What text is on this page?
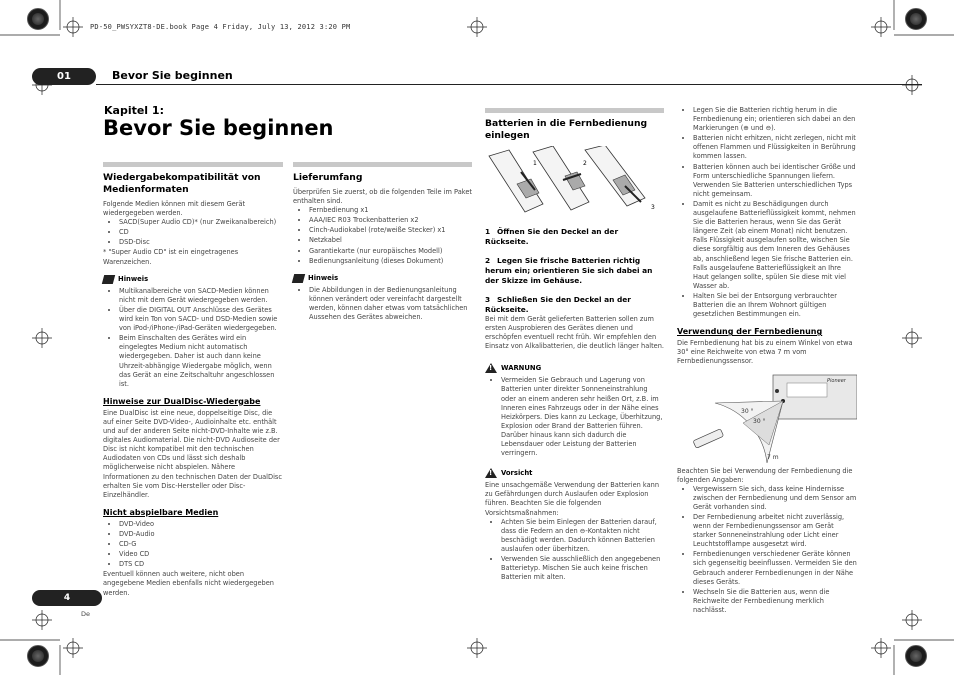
PD-50_PWSYXZT8-DE.book Page 4 Friday, July 13, 2012 3:20 PM
01	Bevor Sie beginnen
Kapitel 1:
Bevor Sie beginnen
Wiedergabekompatibilität von Medienformaten
Folgende Medien können mit diesem Gerät wiedergegeben werden.
• SACD(Super Audio CD)* (nur Zweikanalbereich)
• CD
• DSD-Disc
* "Super Audio CD" ist ein eingetragenes Warenzeichen.
Hinweis
• Multikanalbereiche von SACD-Medien können nicht mit dem Gerät wiedergegeben werden.
• Über die DIGITAL OUT Anschlüsse des Gerätes wird kein Ton von SACD- und DSD-Medien sowie von iPod-/iPhone-/iPad-Geräten wiedergegeben.
• Beim Einschalten des Gerätes wird ein eingelegtes Medium nicht automatisch wiedergegeben. Daher ist auch dann keine Uhrzeit-abhängige Wiedergabe möglich, wenn das Gerät an eine Zeitschaltuhr angeschlossen ist.
Hinweise zur DualDisc-Wiedergabe
Eine DualDisc ist eine neue, doppelseitige Disc, die auf einer Seite DVD-Video-, Audioinhalte etc. enthält und auf der anderen Seite nicht-DVD-Inhalte wie z.B. digitales Audiomaterial. Die nicht-DVD Audioseite der Disc ist nicht kompatibel mit den technischen Audiodaten von CDs und lässt sich deshalb möglicherweise nicht abspielen. Nähere Informationen zu den technischen Daten der DualDisc erhalten Sie vom Disc-Hersteller oder Disc-Einzelhändler.
Nicht abspielbare Medien
• DVD-Video
• DVD-Audio
• CD-G
• Video CD
• DTS CD
Eventuell können auch weitere, nicht oben angegebene Medien ebenfalls nicht wiedergegeben werden.
Lieferumfang
Überprüfen Sie zuerst, ob die folgenden Teile im Paket enthalten sind.
• Fernbedienung x1
• AAA/IEC R03 Trockenbatterien x2
• Cinch-Audiokabel (rote/weiße Stecker) x1
• Netzkabel
• Garantiekarte (nur europäisches Modell)
• Bedienungsanleitung (dieses Dokument)
Hinweis
• Die Abbildungen in der Bedienungsanleitung können verändert oder vereinfacht dargestellt werden, können daher etwas vom tatsächlichen Aussehen des Gerätes abweichen.
Batterien in die Fernbedienung einlegen
1	2
3
1 Öffnen Sie den Deckel an der Rückseite.
2 Legen Sie frische Batterien richtig herum ein; orientieren Sie sich dabei an der Skizze im Gehäuse.
3 Schließen Sie den Deckel an der Rückseite.
Bei mit dem Gerät gelieferten Batterien sollen zum ersten Ausprobieren des Gerätes dienen und erschöpfen eventuell recht früh. Wir empfehlen den Einsatz von Alkalibatterien, die deutlich länger halten.
!
WARNUNG
• Vermeiden Sie Gebrauch und Lagerung von Batterien unter direkter Sonneneinstrahlung oder an einem anderen sehr heißen Ort, z.B. im Inneren eines Fahrzeugs oder in der Nähe eines Heizkörpers. Dies kann zu Leckage, Überhitzung, Explosion oder Brand der Batterien führen. Darüber hinaus kann sich dadurch die Lebensdauer oder Leistung der Batterien verringern.
!
Vorsicht
Eine unsachgemäße Verwendung der Batterien kann zu Gefährdungen durch Auslaufen oder Explosion führen. Beachten Sie die folgenden Vorsichtsmaßnahmen:
• Achten Sie beim Einlegen der Batterien darauf, dass die Federn an den ⊖-Kontakten nicht beschädigt werden. Dadurch können Batterien auslaufen oder überhitzen.
• Verwenden Sie ausschließlich den angegebenen Batterietyp. Mischen Sie auch keine frischen Batterien mit alten.
• Legen Sie die Batterien richtig herum in die Fernbedienung ein; orientieren sich dabei an den Markierungen (⊕ und ⊖).
• Batterien nicht erhitzen, nicht zerlegen, nicht mit offenen Flammen und Flüssigkeiten in Berührung kommen lassen.
• Batterien können auch bei identischer Größe und Form unterschiedliche Spannungen liefern. Verwenden Sie Batterien unterschiedlichen Typs nicht gemeinsam.
• Damit es nicht zu Beschädigungen durch ausgelaufene Batterieflüssigkeit kommt, nehmen Sie die Batterien heraus, wenn Sie das Gerät längere Zeit (ab einem Monat) nicht benutzen. Falls Flüssigkeit ausgelaufen sollte, wischen Sie diese sorgfältig aus dem Inneren des Gehäuses ab, anschließend legen Sie frische Batterien ein. Falls ausgelaufene Batterieflüssigkeit an Ihre Haut gelangen sollte, spülen Sie diese mit viel Wasser ab.
• Halten Sie bei der Entsorgung verbrauchter Batterien die an Ihrem Wohnort gültigen gesetzlichen Bestimmungen ein.
Verwendung der Fernbedienung
Die Fernbedienung hat bis zu einem Winkel von etwa 30° eine Reichweite von etwa 7 m vom Fernbedienungssensor.
Pioneer
30 °
30 °
7 m
Beachten Sie bei Verwendung der Fernbedienung die folgenden Angaben:
• Vergewissern Sie sich, dass keine Hindernisse zwischen der Fernbedienung und dem Sensor am Gerät vorhanden sind.
• Der Fernbedienung arbeitet nicht zuverlässig, wenn der Fernbedienungssensor am Gerät starker Sonneneinstrahlung oder Licht einer Leuchtstofflampe ausgesetzt wird.
• Fernbedienungen verschiedener Geräte können sich gegenseitig beeinflussen. Vermeiden Sie den Gebrauch anderer Fernbedienungen in der Nähe dieses Geräts.
• Wechseln Sie die Batterien aus, wenn die Reichweite der Fernbedienung merklich nachlässt.
4
De
